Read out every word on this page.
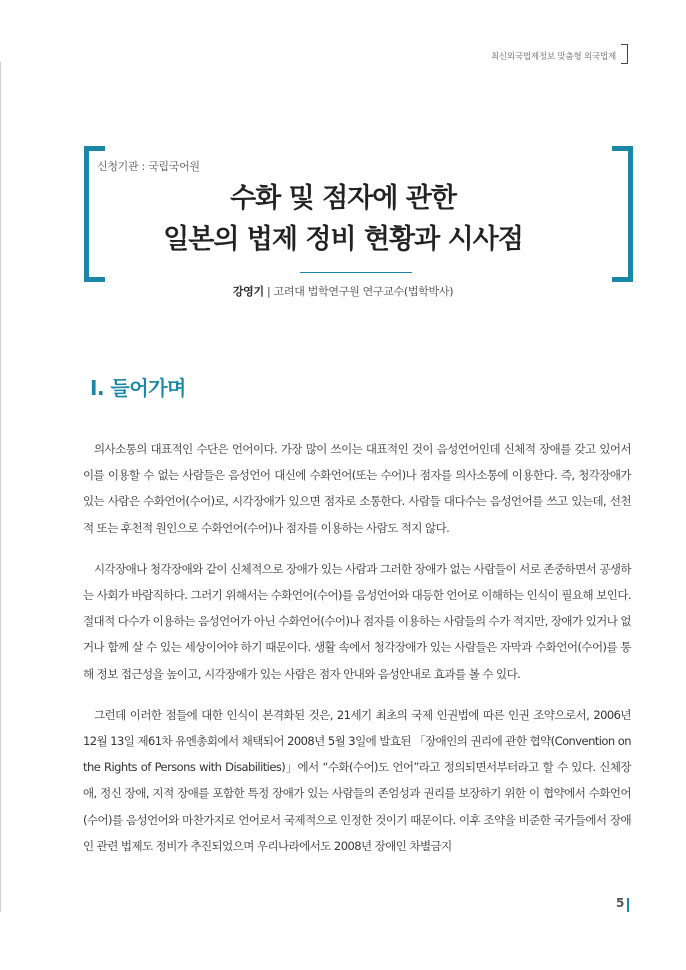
최신외국법제정보 맞춤형 외국법제
신청기관 : 국립국어원
수화 및 점자에 관한
일본의 법제 정비 현황과 시사점
강영기 | 고려대 법학연구원 연구교수(법학박사)
Ⅰ. 들어가며

의사소통의 대표적인 수단은 언어이다. 가장 많이 쓰이는 대표적인 것이 음성언어인데 신체적 장애를 갖고 있어서 이를 이용할 수 없는 사람들은 음성언어 대신에 수화언어(또는 수어)나 점자를 의사소통에 이용한다. 즉, 청각장애가 있는 사람은 수화언어(수어)로, 시각장애가 있으면 점자로 소통한다. 사람들 대다수는 음성언어를 쓰고 있는데, 선천적 또는 후천적 원인으로 수화언어(수어)나 점자를 이용하는 사람도 적지 않다.

시각장애나 청각장애와 같이 신체적으로 장애가 있는 사람과 그러한 장애가 없는 사람들이 서로 존중하면서 공생하는 사회가 바람직하다. 그러기 위해서는 수화언어(수어)를 음성언어와 대등한 언어로 이해하는 인식이 필요해 보인다. 절대적 다수가 이용하는 음성언어가 아닌 수화언어(수어)나 점자를 이용하는 사람들의 수가 적지만, 장애가 있거나 없거나 함께 살 수 있는 세상이어야 하기 때문이다. 생활 속에서 청각장애가 있는 사람들은 자막과 수화언어(수어)를 통해 정보 접근성을 높이고, 시각장애가 있는 사람은 점자 안내와 음성안내로 효과를 볼 수 있다.

그런데 이러한 점들에 대한 인식이 본격화된 것은, 21세기 최초의 국제 인권법에 따른 인권 조약으로서, 2006년 12월 13일 제61차 유엔총회에서 채택되어 2008년 5월 3일에 발효된 「장애인의 권리에 관한 협약(Convention on the Rights of Persons with Disabilities)」에서 “수화(수어)도 언어”라고 정의되면서부터라고 할 수 있다. 신체장애, 정신 장애, 지적 장애를 포함한 특정 장애가 있는 사람들의 존엄성과 권리를 보장하기 위한 이 협약에서 수화언어(수어)를 음성언어와 마찬가지로 언어로서 국제적으로 인정한 것이기 때문이다. 이후 조약을 비준한 국가들에서 장애인 관련 법제도 정비가 추진되었으며 우리나라에서도 2008년 장애인 차별금지

5
